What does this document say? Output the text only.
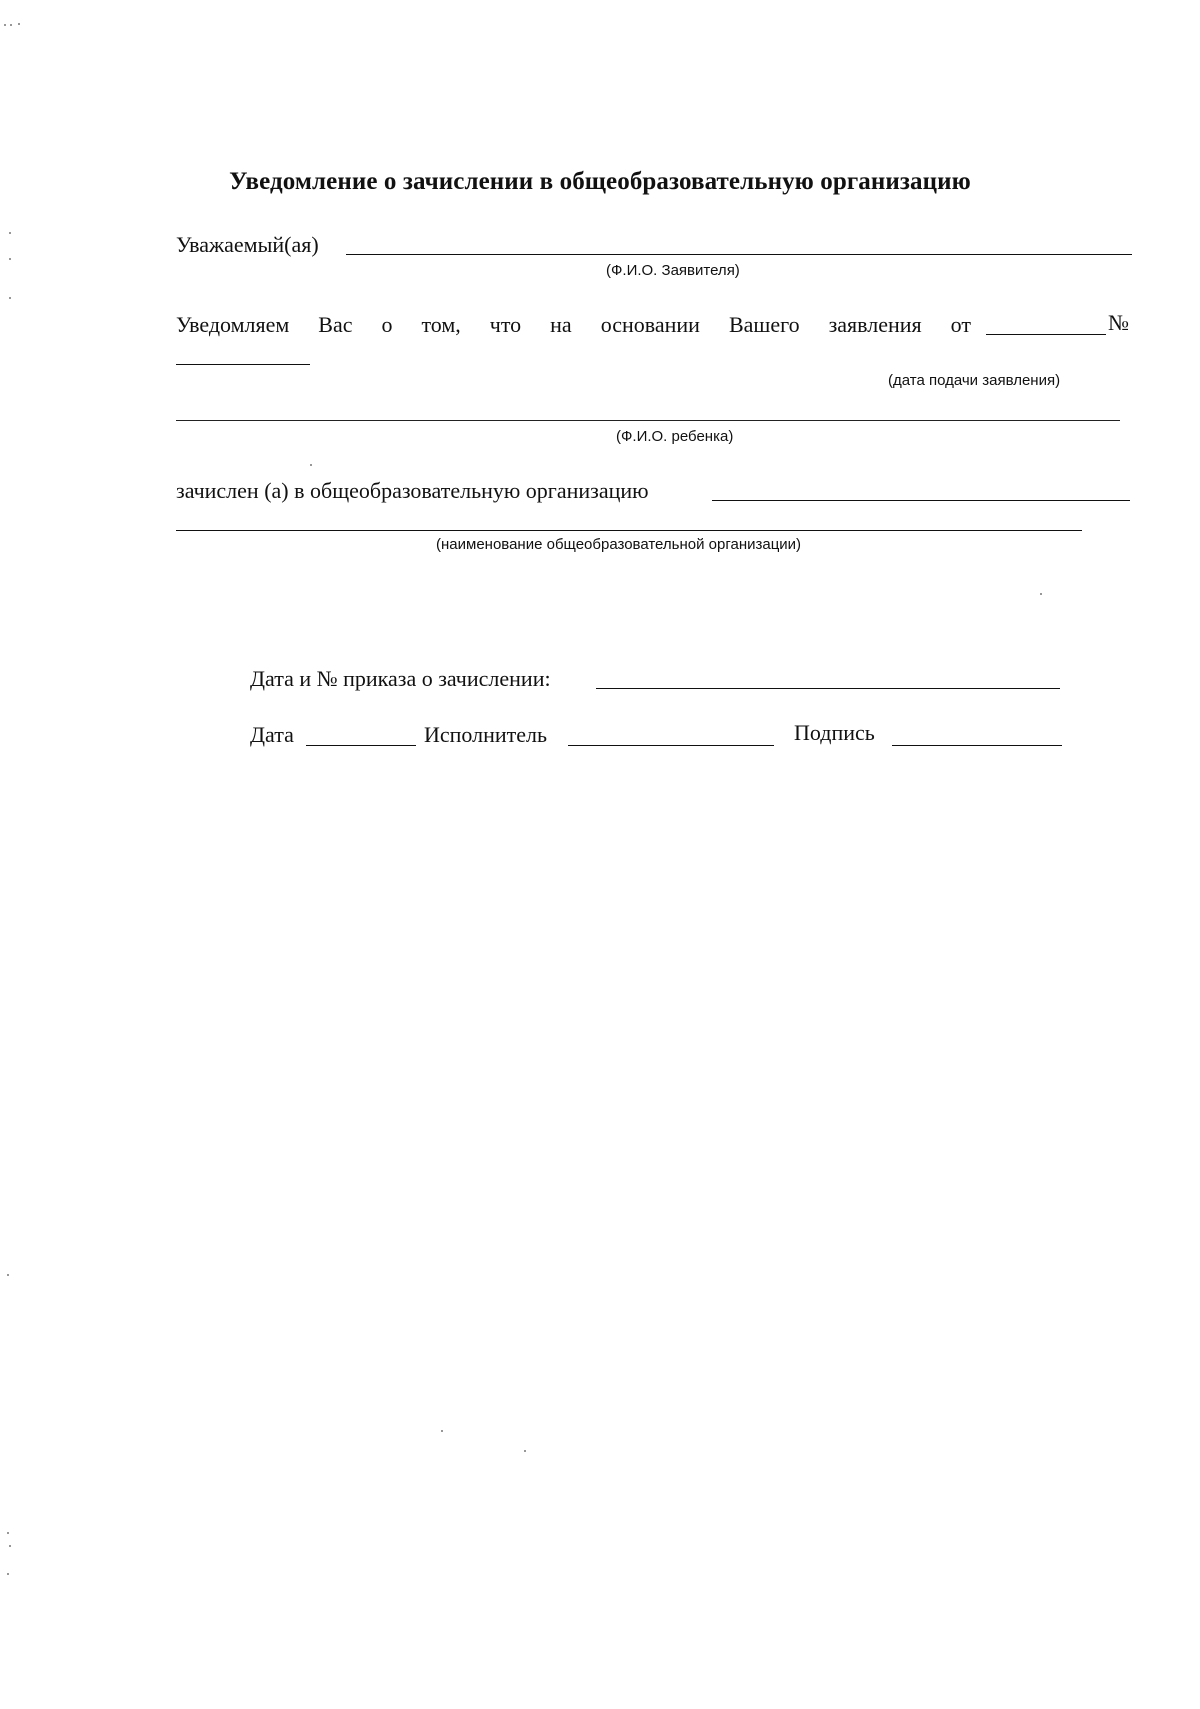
Уведомление о зачислении в общеобразовательную организацию
Уважаемый(ая)
(Ф.И.О. Заявителя)
Уведомляем Вас о том, что на основании Вашего заявления от	№
(дата подачи заявления)
(Ф.И.О. ребенка)
зачислен (а) в общеобразовательную организацию
(наименование общеобразовательной организации)
Дата и № приказа о зачислении:
Дата	Исполнитель	Подпись
